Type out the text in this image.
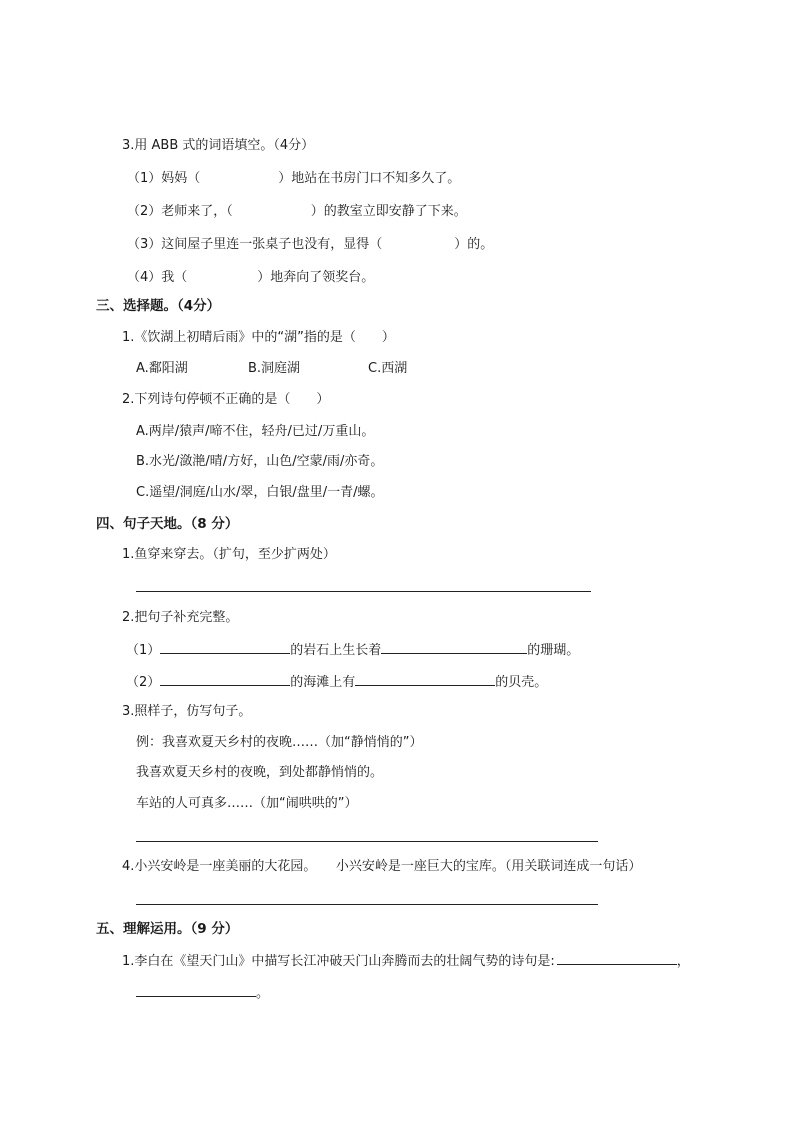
3.用 ABB 式的词语填空。（4分）
（1）妈妈（	）地站在书房门口不知多久了。
（2）老师来了，（	）的教室立即安静了下来。
（3）这间屋子里连一张桌子也没有，显得（	）的。
（4）我（	）地奔向了领奖台。
三、选择题。（4分）
1.《饮湖上初晴后雨》中的“湖”指的是（　　）
A.鄱阳湖	B.洞庭湖	C.西湖
2.下列诗句停顿不正确的是（　　）
A.两岸/猿声/啼不住，轻舟/已过/万重山。
B.水光/潋滟/晴/方好，山色/空蒙/雨/亦奇。
C.遥望/洞庭/山水/翠，白银/盘里/一青/螺。
四、句子天地。（8 分）
1.鱼穿来穿去。（扩句，至少扩两处）
2.把句子补充完整。
（1）	的岩石上生长着	的珊瑚。
（2）	的海滩上有	的贝壳。
3.照样子，仿写句子。
例：我喜欢夏天乡村的夜晚……（加“静悄悄的”）
我喜欢夏天乡村的夜晚，到处都静悄悄的。
车站的人可真多……（加“闹哄哄的”）
4.小兴安岭是一座美丽的大花园。　　小兴安岭是一座巨大的宝库。（用关联词连成一句话）
五、理解运用。（9 分）
1.李白在《望天门山》中描写长江冲破天门山奔腾而去的壮阔气势的诗句是:	，
。
